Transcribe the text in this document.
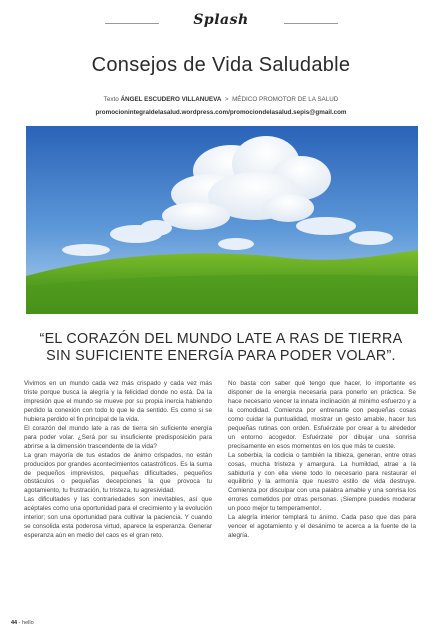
Splash
Consejos de Vida Saludable
Texto ÁNGEL ESCUDERO VILLANUEVA > MÉDICO PROMOTOR DE LA SALUD
promocionintegraldelasalud.wordpress.com/promociondelasalud.sepis@gmail.com
“EL CORAZÓN DEL MUNDO LATE A RAS DE TIERRA
SIN SUFICIENTE ENERGÍA PARA PODER VOLAR”.

Vivimos en un mundo cada vez más crispado y cada vez más triste porque busca la alegría y la felicidad donde no está. Da la impresión que el mundo se mueve por su propia inercia habiendo perdido la conexión con todo lo que le da sentido. Es como si se hubiera perdido el fin principal de la vida.

El corazón del mundo late a ras de tierra sin suficiente energía para poder volar. ¿Será por su insuficiente predisposición para abrirse a la dimensión trascendente de la vida?

La gran mayoría de tus estados de ánimo crispados, no están producidos por grandes acontecimientos catastróficos. Es la suma de pequeños imprevistos, pequeñas dificultades, pequeños obstáculos o pequeñas decepciones la que provoca tu agotamiento, tu frustración, tu tristeza, tu agresividad.

Las dificultades y las contrariedades son inevitables, así que acéptales como una oportunidad para el crecimiento y la evolución interior; son una oportunidad para cultivar la paciencia. Y cuando se consolida esta poderosa virtud, aparece la esperanza. Generar esperanza aún en medio del caos es el gran reto.

No basta con saber qué tengo que hacer, lo importante es disponer de la energía necesaria para ponerlo en práctica. Se hace necesario vencer la innata inclinación al mínimo esfuerzo y a la comodidad. Comienza por entrenarte con pequeñas cosas como cuidar la puntualidad, mostrar un gesto amable, hacer tus pequeñas rutinas con orden. Esfuérzate por crear a tu alrededor un entorno acogedor. Esfuérzate por dibujar una sonrisa precisamente en esos momentos en los que más te cueste.

La soberbia, la codicia o también la tibieza, generan, entre otras cosas, mucha tristeza y amargura. La humildad, atrae a la sabiduría y con ella viene todo lo necesario para restaurar el equilibrio y la armonía que nuestro estilo de vida destruye. Comienza por disculpar con una palabra amable y una sonrisa los errores cometidos por otras personas. ¡Siempre puedes moderar un poco mejor tu temperamento!.

La alegría interior templará tu ánimo. Cada paso que das para vencer el agotamiento y el desánimo te acerca a la fuente de la alegría.

44 - hello
